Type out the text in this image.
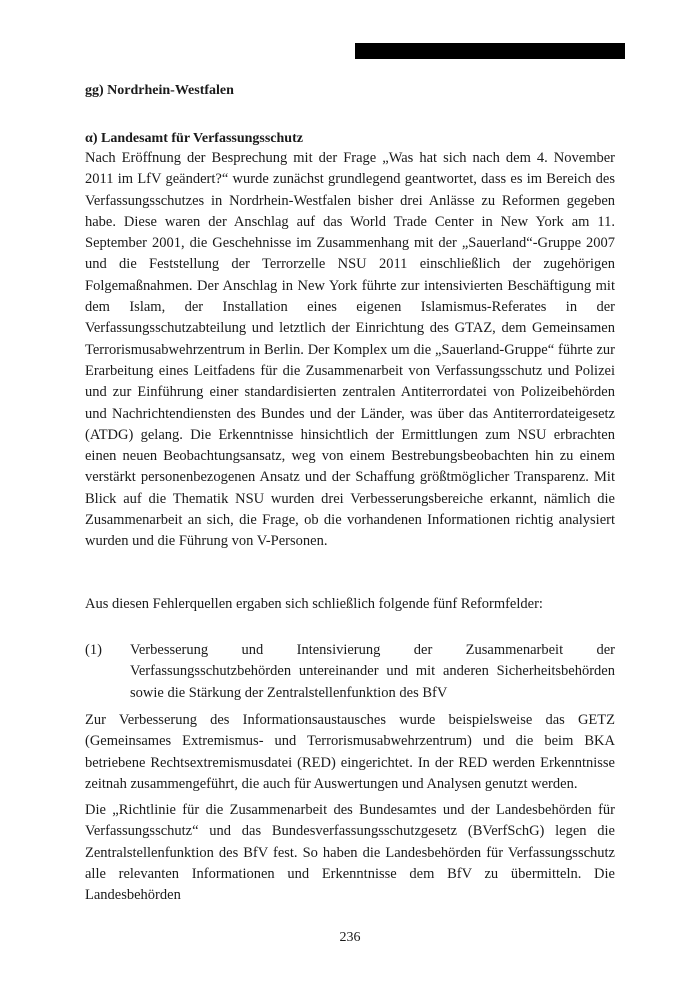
gg) Nordrhein-Westfalen
α) Landesamt für Verfassungsschutz

Nach Eröffnung der Besprechung mit der Frage „Was hat sich nach dem 4. November 2011 im LfV geändert?“ wurde zunächst grundlegend geantwortet, dass es im Bereich des Verfassungsschutzes in Nordrhein-Westfalen bisher drei Anlässe zu Reformen gegeben habe. Diese waren der Anschlag auf das World Trade Center in New York am 11. September 2001, die Geschehnisse im Zusammenhang mit der „Sauerland“-Gruppe 2007 und die Feststellung der Terrorzelle NSU 2011 einschließlich der zugehörigen Folgemaßnahmen. Der Anschlag in New York führte zur intensivierten Beschäftigung mit dem Islam, der Installation eines eigenen Islamismus-Referates in der Verfassungsschutzabteilung und letztlich der Einrichtung des GTAZ, dem Gemeinsamen Terrorismusabwehrzentrum in Berlin. Der Komplex um die „Sauerland-Gruppe“ führte zur Erarbeitung eines Leitfadens für die Zusammenarbeit von Verfassungsschutz und Polizei und zur Einführung einer standardisierten zentralen Antiterrordatei von Polizeibehörden und Nachrichtendiensten des Bundes und der Länder, was über das Antiterrordateigesetz (ATDG) gelang. Die Erkenntnisse hinsichtlich der Ermittlungen zum NSU erbrachten einen neuen Beobachtungsansatz, weg von einem Bestrebungsbeobachten hin zu einem verstärkt personenbezogenen Ansatz und der Schaffung größtmöglicher Transparenz. Mit Blick auf die Thematik NSU wurden drei Verbesserungsbereiche erkannt, nämlich die Zusammenarbeit an sich, die Frage, ob die vorhandenen Informationen richtig analysiert wurden und die Führung von V-Personen.

Aus diesen Fehlerquellen ergaben sich schließlich folgende fünf Reformfelder:

(1) Verbesserung und Intensivierung der Zusammenarbeit der Verfassungsschutzbehörden untereinander und mit anderen Sicherheitsbehörden sowie die Stärkung der Zentralstellenfunktion des BfV

Zur Verbesserung des Informationsaustausches wurde beispielsweise das GETZ (Gemeinsames Extremismus- und Terrorismusabwehrzentrum) und die beim BKA betriebene Rechtsextremismusdatei (RED) eingerichtet. In der RED werden Erkenntnisse zeitnah zusammengeführt, die auch für Auswertungen und Analysen genutzt werden.

Die „Richtlinie für die Zusammenarbeit des Bundesamtes und der Landesbehörden für Verfassungsschutz“ und das Bundesverfassungsschutzgesetz (BVerfSchG) legen die Zentralstellenfunktion des BfV fest. So haben die Landesbehörden für Verfassungsschutz alle relevanten Informationen und Erkenntnisse dem BfV zu übermitteln. Die Landesbehörden

236
